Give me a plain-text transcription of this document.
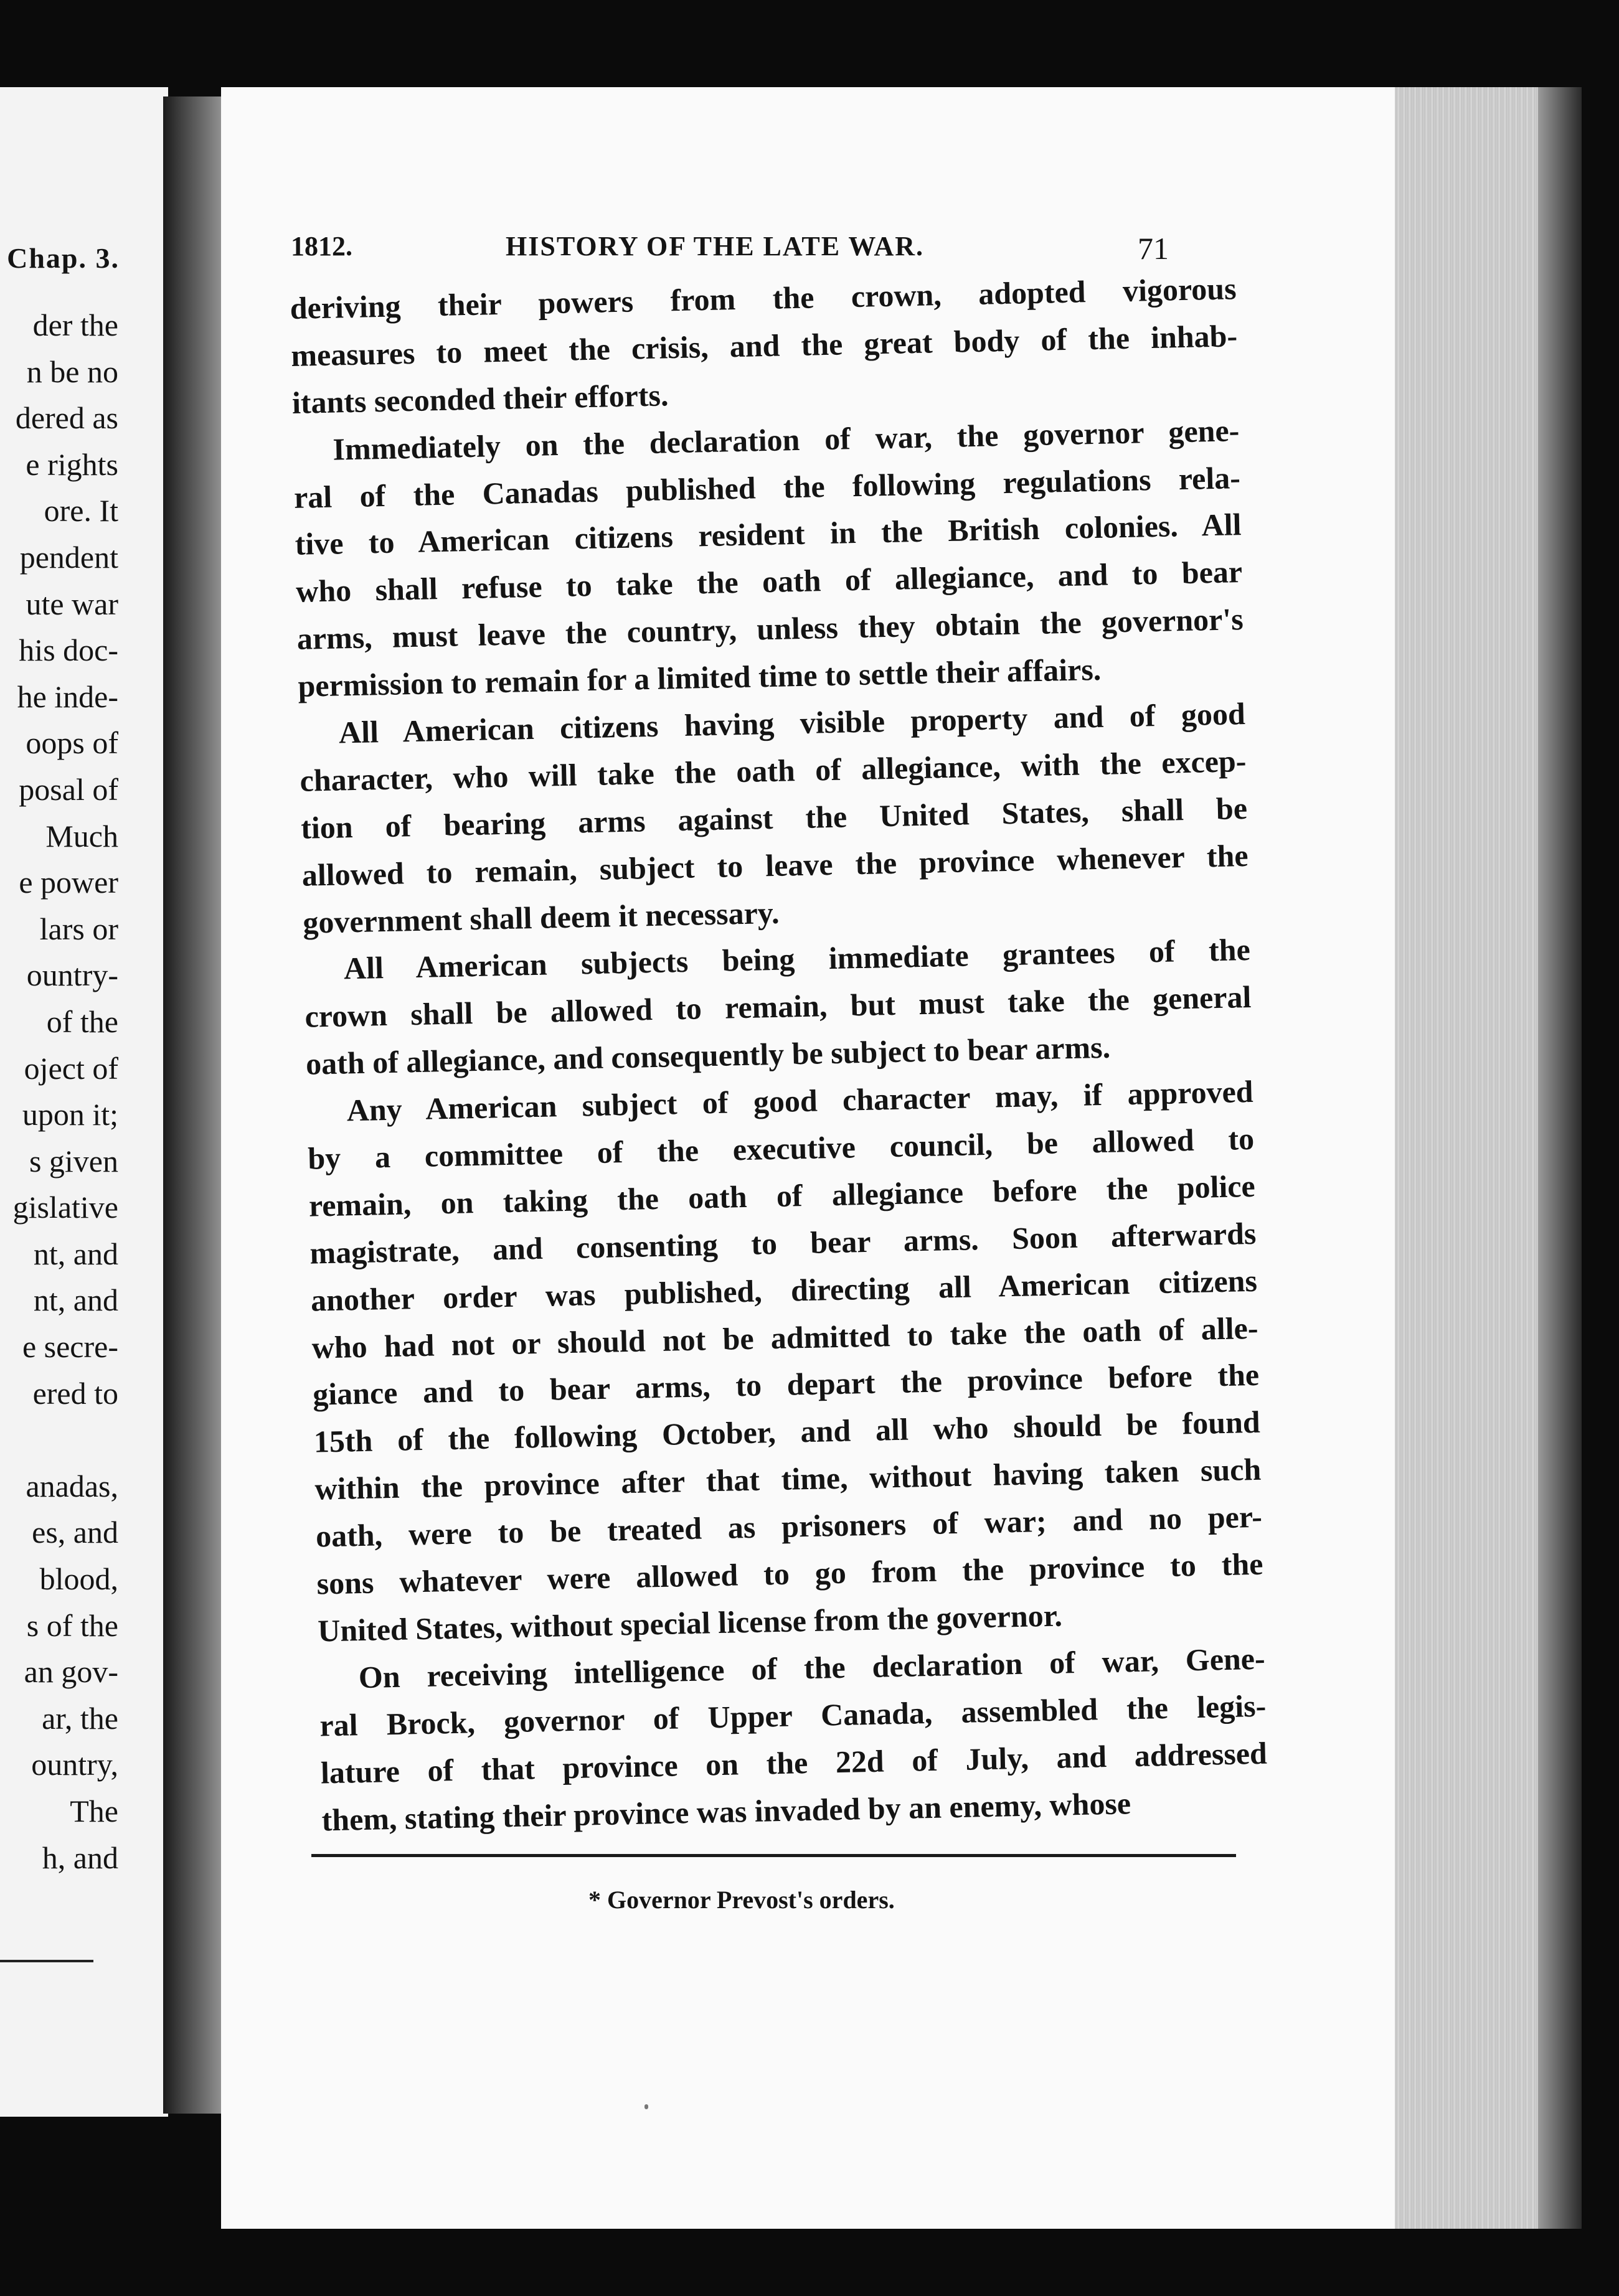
Chap. 3.
der the
n be no
dered as
e rights
ore. It
pendent
ute war
his doc-
he inde-
oops of
posal of
Much
e power
lars or
ountry-
of the
oject of
upon it;
s given
gislative
nt, and
nt, and
e secre-
ered to
anadas,
es, and
blood,
s of the
an gov-
ar, the
ountry,
The
h, and
1812.	HISTORY OF THE LATE WAR.	71
deriving their powers from the crown, adopted vigorous
measures to meet the crisis, and the great body of the inhab-
itants seconded their efforts.
Immediately on the declaration of war, the governor gene-
ral of the Canadas published the following regulations rela-
tive to American citizens resident in the British colonies. All
who shall refuse to take the oath of allegiance, and to bear
arms, must leave the country, unless they obtain the governor's
permission to remain for a limited time to settle their affairs.
All American citizens having visible property and of good
character, who will take the oath of allegiance, with the excep-
tion of bearing arms against the United States, shall be
allowed to remain, subject to leave the province whenever the
government shall deem it necessary.
All American subjects being immediate grantees of the
crown shall be allowed to remain, but must take the general
oath of allegiance, and consequently be subject to bear arms.
Any American subject of good character may, if approved
by a committee of the executive council, be allowed to
remain, on taking the oath of allegiance before the police
magistrate, and consenting to bear arms. Soon afterwards
another order was published, directing all American citizens
who had not or should not be admitted to take the oath of alle-
giance and to bear arms, to depart the province before the
15th of the following October, and all who should be found
within the province after that time, without having taken such
oath, were to be treated as prisoners of war; and no per-
sons whatever were allowed to go from the province to the
United States, without special license from the governor.
On receiving intelligence of the declaration of war, Gene-
ral Brock, governor of Upper Canada, assembled the legis-
lature of that province on the 22d of July, and addressed
them, stating their province was invaded by an enemy, whose
* Governor Prevost's orders.
